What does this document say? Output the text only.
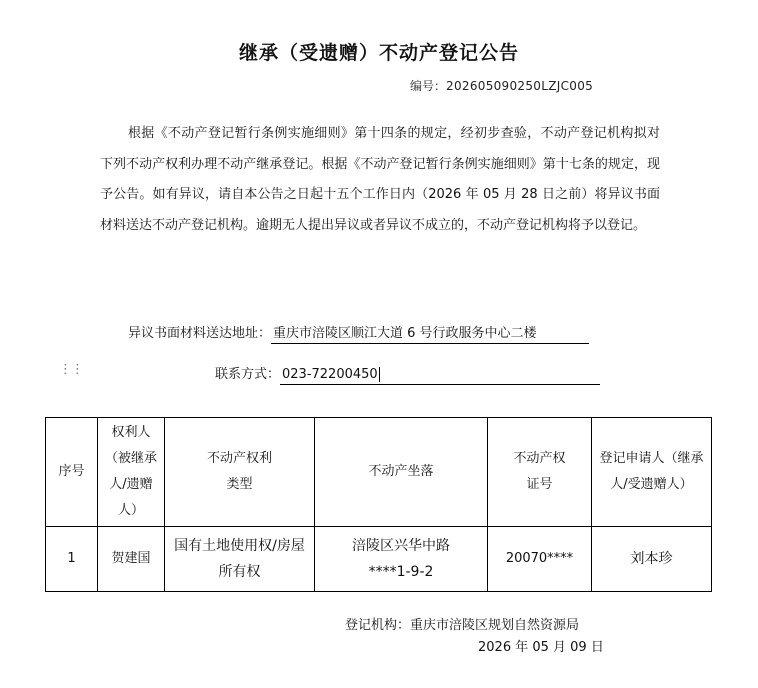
继承（受遗赠）不动产登记公告
编号：202605090250LZJC005

根据《不动产登记暂行条例实施细则》第十四条的规定，经初步查验，不动产登记机构拟对下列不动产权利办理不动产继承登记。根据《不动产登记暂行条例实施细则》第十七条的规定，现予公告。如有异议，请自本公告之日起十五个工作日内（2026 年 05 月 28 日之前）将异议书面材料送达不动产登记机构。逾期无人提出异议或者异议不成立的，不动产登记机构将予以登记。

异议书面材料送达地址： 重庆市涪陵区顺江大道 6 号行政服务中心二楼
⋮⋮	联系方式： 023-72200450
序号	权利人（被继承人/遗赠人）	不动产权利类型	不动产坐落	不动产权证号	登记申请人（继承人/受遗赠人）
1	贺建国	国有土地使用权/房屋所有权	涪陵区兴华中路****1-9-2	20070****	刘本珍
登记机构：重庆市涪陵区规划自然资源局
2026 年 05 月 09 日
